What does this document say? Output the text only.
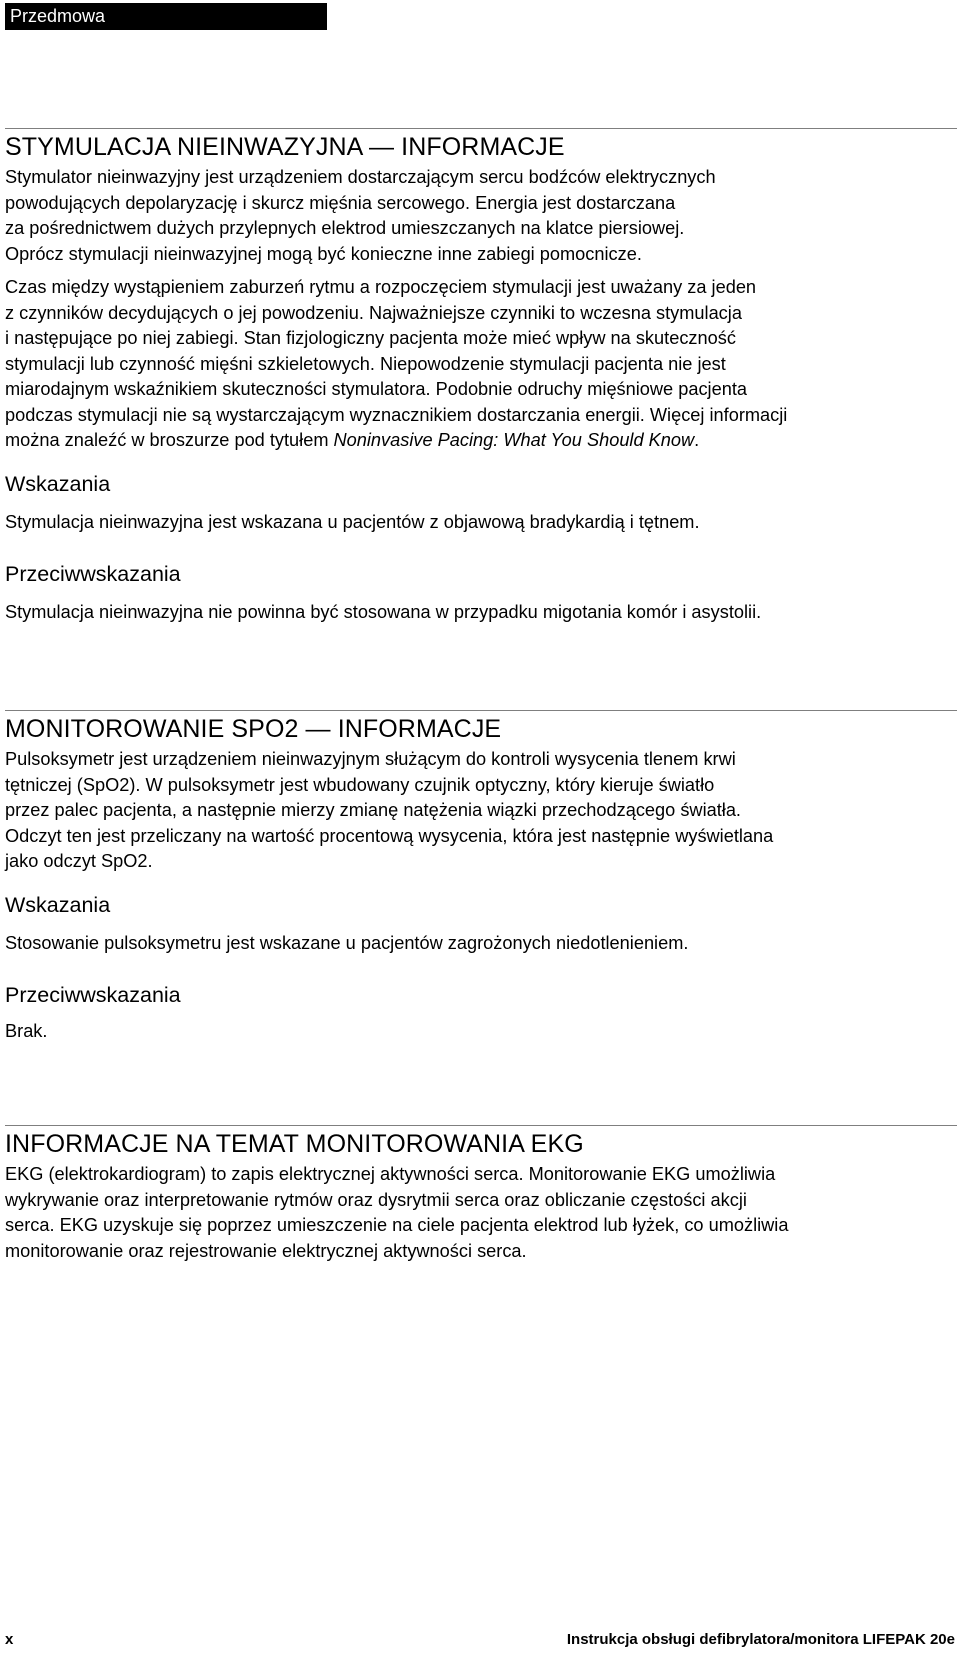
Przedmowa
STYMULACJA NIEINWAZYJNA — INFORMACJE

Stymulator nieinwazyjny jest urządzeniem dostarczającym sercu bodźców elektrycznych

powodujących depolaryzację i skurcz mięśnia sercowego. Energia jest dostarczana

za pośrednictwem dużych przylepnych elektrod umieszczanych na klatce piersiowej.

Oprócz stymulacji nieinwazyjnej mogą być konieczne inne zabiegi pomocnicze.

Czas między wystąpieniem zaburzeń rytmu a rozpoczęciem stymulacji jest uważany za jeden

z czynników decydujących o jej powodzeniu. Najważniejsze czynniki to wczesna stymulacja

i następujące po niej zabiegi. Stan fizjologiczny pacjenta może mieć wpływ na skuteczność

stymulacji lub czynność mięśni szkieletowych. Niepowodzenie stymulacji pacjenta nie jest

miarodajnym wskaźnikiem skuteczności stymulatora. Podobnie odruchy mięśniowe pacjenta

podczas stymulacji nie są wystarczającym wyznacznikiem dostarczania energii. Więcej informacji

można znaleźć w broszurze pod tytułem Noninvasive Pacing: What You Should Know.

Wskazania

Stymulacja nieinwazyjna jest wskazana u pacjentów z objawową bradykardią i tętnem.

Przeciwwskazania

Stymulacja nieinwazyjna nie powinna być stosowana w przypadku migotania komór i asystolii.

MONITOROWANIE SPO2 — INFORMACJE

Pulsoksymetr jest urządzeniem nieinwazyjnym służącym do kontroli wysycenia tlenem krwi

tętniczej (SpO2). W pulsoksymetr jest wbudowany czujnik optyczny, który kieruje światło

przez palec pacjenta, a następnie mierzy zmianę natężenia wiązki przechodzącego światła.

Odczyt ten jest przeliczany na wartość procentową wysycenia, która jest następnie wyświetlana

jako odczyt SpO2.

Wskazania

Stosowanie pulsoksymetru jest wskazane u pacjentów zagrożonych niedotlenieniem.

Przeciwwskazania

Brak.

INFORMACJE NA TEMAT MONITOROWANIA EKG

EKG (elektrokardiogram) to zapis elektrycznej aktywności serca. Monitorowanie EKG umożliwia

wykrywanie oraz interpretowanie rytmów oraz dysrytmii serca oraz obliczanie częstości akcji

serca. EKG uzyskuje się poprzez umieszczenie na ciele pacjenta elektrod lub łyżek, co umożliwia

monitorowanie oraz rejestrowanie elektrycznej aktywności serca.

x	Instrukcja obsługi defibrylatora/monitora LIFEPAK 20e
